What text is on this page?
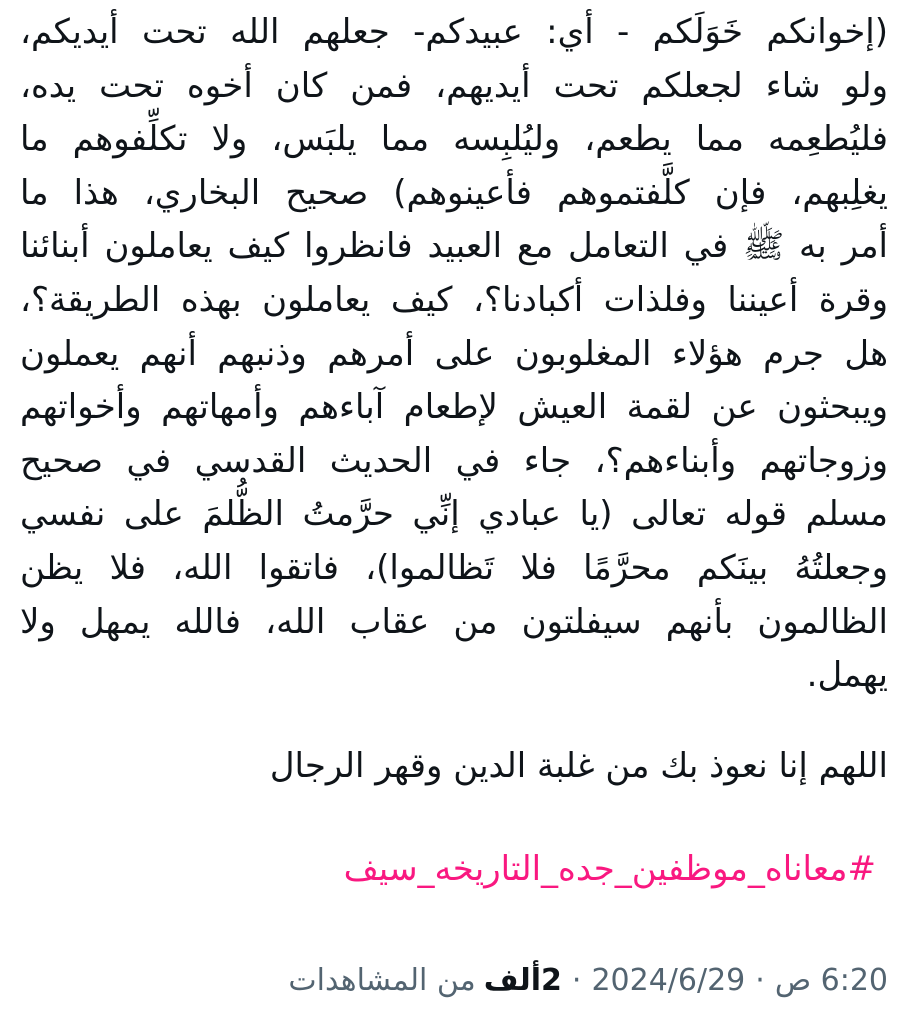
(إخوانكم خَوَلَكم - أي: عبيدكم- جعلهم الله تحت أيديكم،
ولو شاء لجعلكم تحت أيديهم، فمن كان أخوه تحت يده،
فليُطعِمه مما يطعم، وليُلبِسه مما يلبَس، ولا تكلِّفوهم ما
يغلِبهم، فإن كلَّفتموهم فأعينوهم) صحيح البخاري، هذا ما
أمر به ﷺ في التعامل مع العبيد فانظروا كيف يعاملون أبنائنا
وقرة أعيننا وفلذات أكبادنا؟، كيف يعاملون بهذه الطريقة؟،
هل جرم هؤلاء المغلوبون على أمرهم وذنبهم أنهم يعملون
ويبحثون عن لقمة العيش لإطعام آباءهم وأمهاتهم وأخواتهم
وزوجاتهم وأبناءهم؟، جاء في الحديث القدسي في صحيح
مسلم قوله تعالى (يا عبادي إنِّي حرَّمتُ الظُّلمَ على نفسي
وجعلتُهُ بينَكم محرَّمًا فلا تَظالموا)، فاتقوا الله، فلا يظن
الظالمون بأنهم سيفلتون من عقاب الله، فالله يمهل ولا
يهمل.
اللهم إنا نعوذ بك من غلبة الدين وقهر الرجال
#معاناه_موظفين_جده_التاريخه_سيف
6:20 ص
·
2024/6/29
·
2ألف
من المشاهدات
